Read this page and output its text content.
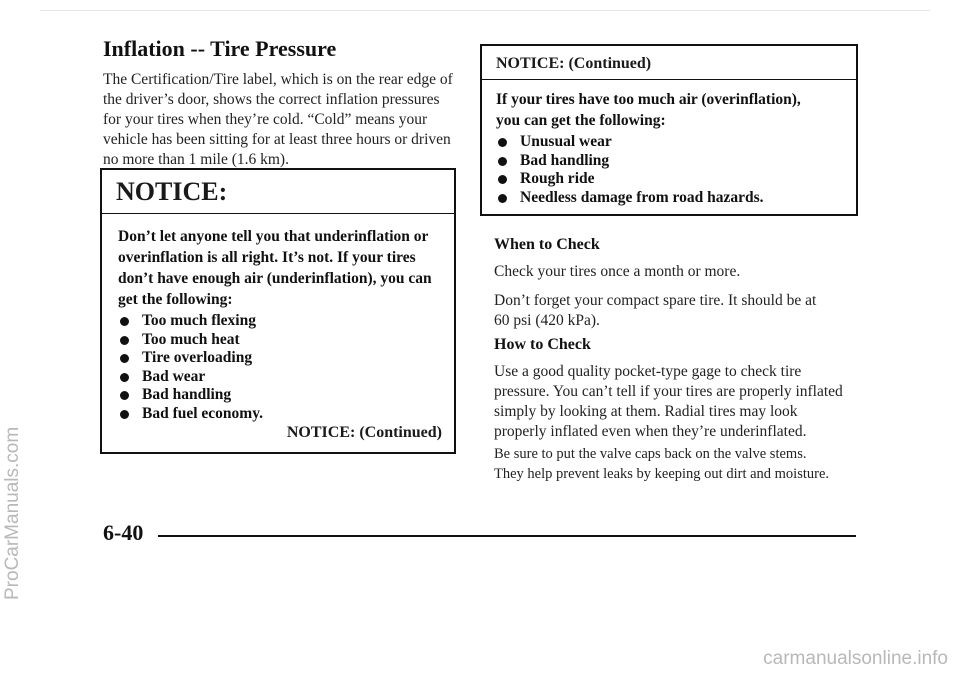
Inflation -- Tire Pressure
The Certification/Tire label, which is on the rear edge of
the driver’s door, shows the correct inflation pressures
for your tires when they’re cold. “Cold” means your
vehicle has been sitting for at least three hours or driven
no more than 1 mile (1.6 km).
NOTICE:
Don’t let anyone tell you that underinflation or
overinflation is all right. It’s not. If your tires
don’t have enough air (underinflation), you can
get the following:
Too much flexing
Too much heat
Tire overloading
Bad wear
Bad handling
Bad fuel economy.
NOTICE: (Continued)
NOTICE: (Continued)
If your tires have too much air (overinflation),
you can get the following:
Unusual wear
Bad handling
Rough ride
Needless damage from road hazards.
When to Check
Check your tires once a month or more.
Don’t forget your compact spare tire. It should be at
60 psi (420 kPa).
How to Check
Use a good quality pocket-type gage to check tire
pressure. You can’t tell if your tires are properly inflated
simply by looking at them. Radial tires may look
properly inflated even when they’re underinflated.
Be sure to put the valve caps back on the valve stems.
They help prevent leaks by keeping out dirt and moisture.
6-40
ProCarManuals.com
carmanualsonline.info
